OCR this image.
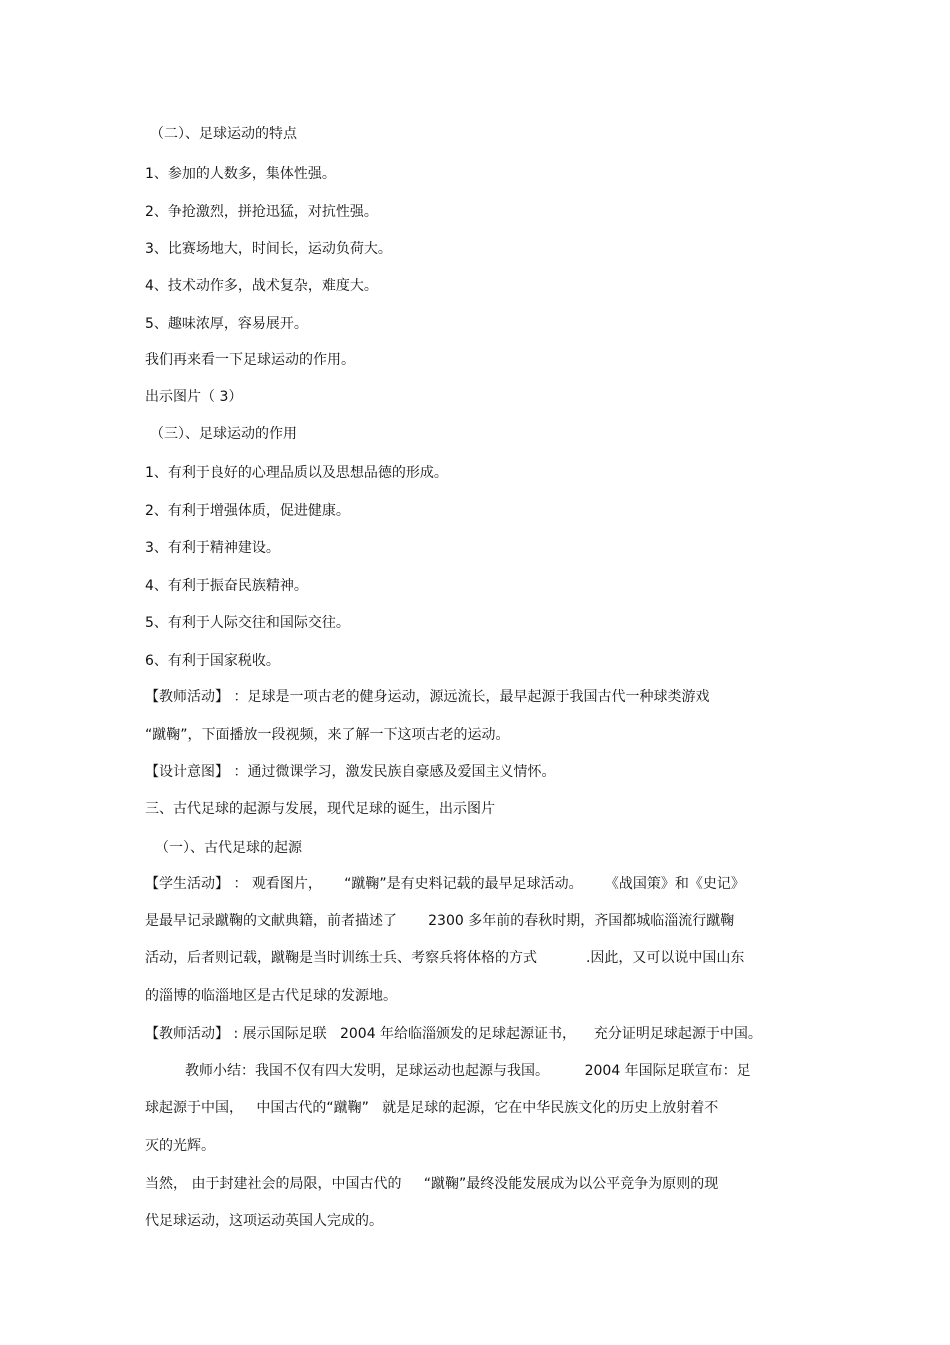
（二）、足球运动的特点
1、参加的人数多，集体性强。
2、争抢激烈，拼抢迅猛，对抗性强。
3、比赛场地大，时间长，运动负荷大。
4、技术动作多，战术复杂，难度大。
5、趣味浓厚，容易展开。
我们再来看一下足球运动的作用。
出示图片（ 3）
（三）、足球运动的作用
1、有利于良好的心理品质以及思想品德的形成。
2、有利于增强体质，促进健康。
3、有利于精神建设。
4、有利于振奋民族精神。
5、有利于人际交往和国际交往。
6、有利于国家税收。
【教师活动】 ：足球是一项古老的健身运动，源远流长，最早起源于我国古代一种球类游戏
“蹴鞠”，下面播放一段视频，来了解一下这项古老的运动。
【设计意图】 ：通过微课学习，激发民族自豪感及爱国主义情怀。
三、古代足球的起源与发展，现代足球的诞生，出示图片
（一）、古代足球的起源
【学生活动】 ： 观看图片，     “蹴鞠”是有史料记载的最早足球活动。     《战国策》和《史记》
是最早记录蹴鞠的文献典籍，前者描述了       2300 多年前的春秋时期，齐国都城临淄流行蹴鞠
活动，后者则记载，蹴鞠是当时训练士兵、考察兵将体格的方式           .因此，又可以说中国山东
的淄博的临淄地区是古代足球的发源地。
【教师活动】 : 展示国际足联   2004 年给临淄颁发的足球起源证书，    充分证明足球起源于中国。
教师小结：我国不仅有四大发明，足球运动也起源与我国。        2004 年国际足联宣布：足
球起源于中国，   中国古代的“蹴鞠”   就是足球的起源，它在中华民族文化的历史上放射着不
灭的光辉。
当然， 由于封建社会的局限，中国古代的     “蹴鞠”最终没能发展成为以公平竞争为原则的现
代足球运动，这项运动英国人完成的。
